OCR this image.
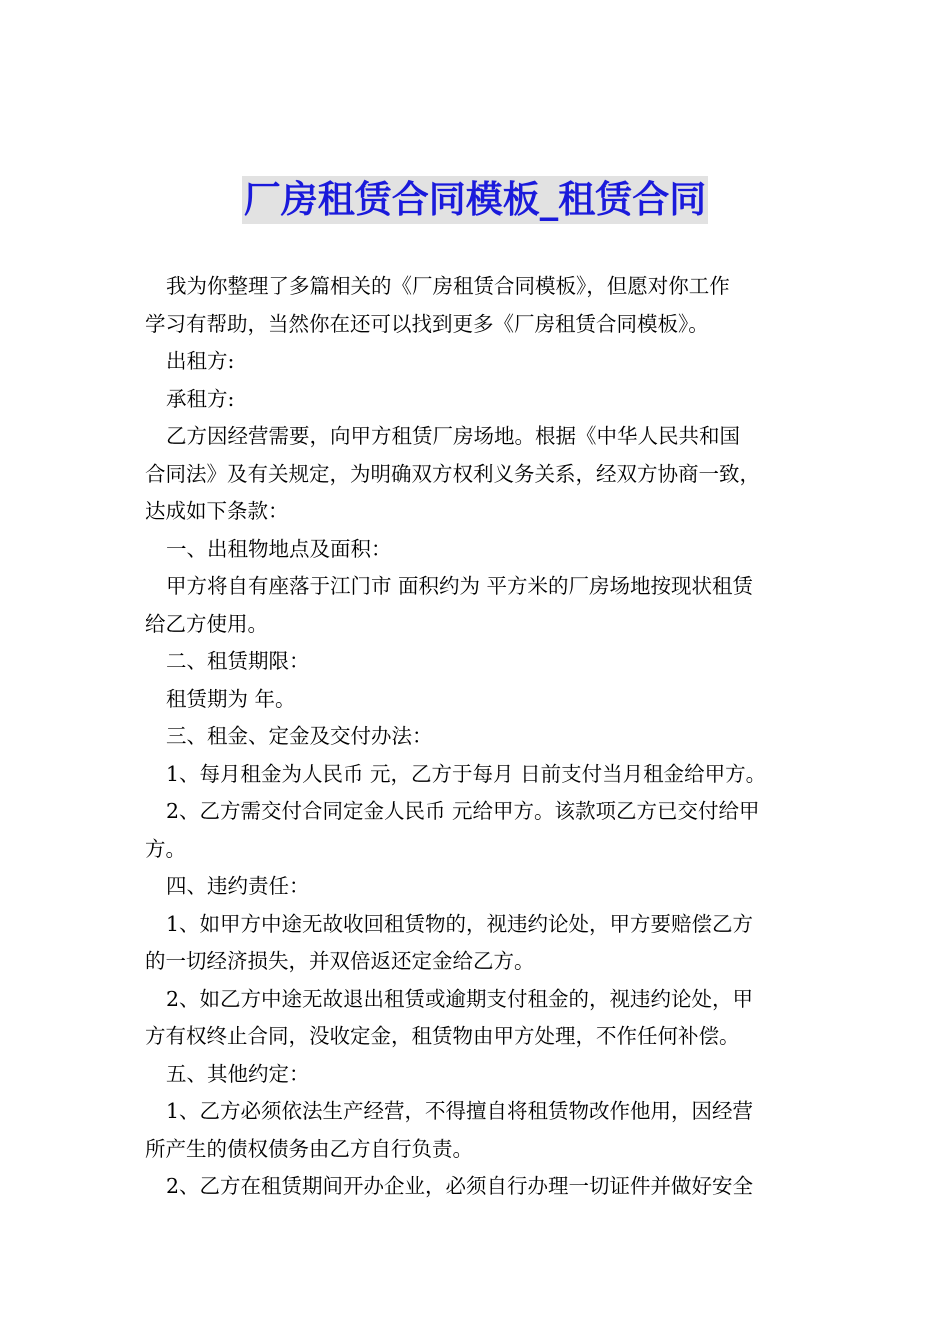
厂房租赁合同模板_租赁合同

我为你整理了多篇相关的《厂房租赁合同模板》，但愿对你工作

学习有帮助，当然你在还可以找到更多《厂房租赁合同模板》。

出租方:

承租方:

乙方因经营需要，向甲方租赁厂房场地。根据《中华人民共和国

合同法》及有关规定，为明确双方权利义务关系，经双方协商一致，

达成如下条款：

一、出租物地点及面积：

甲方将自有座落于江门市 面积约为 平方米的厂房场地按现状租赁

给乙方使用。

二、租赁期限：

租赁期为 年。

三、租金、定金及交付办法：

1、每月租金为人民币 元，乙方于每月 日前支付当月租金给甲方。

2、乙方需交付合同定金人民币 元给甲方。该款项乙方已交付给甲

方。

四、违约责任：

1、如甲方中途无故收回租赁物的，视违约论处，甲方要赔偿乙方

的一切经济损失，并双倍返还定金给乙方。

2、如乙方中途无故退出租赁或逾期支付租金的，视违约论处，甲

方有权终止合同，没收定金，租赁物由甲方处理，不作任何补偿。

五、其他约定：

1、乙方必须依法生产经营，不得擅自将租赁物改作他用，因经营

所产生的债权债务由乙方自行负责。

2、乙方在租赁期间开办企业，必须自行办理一切证件并做好安全
